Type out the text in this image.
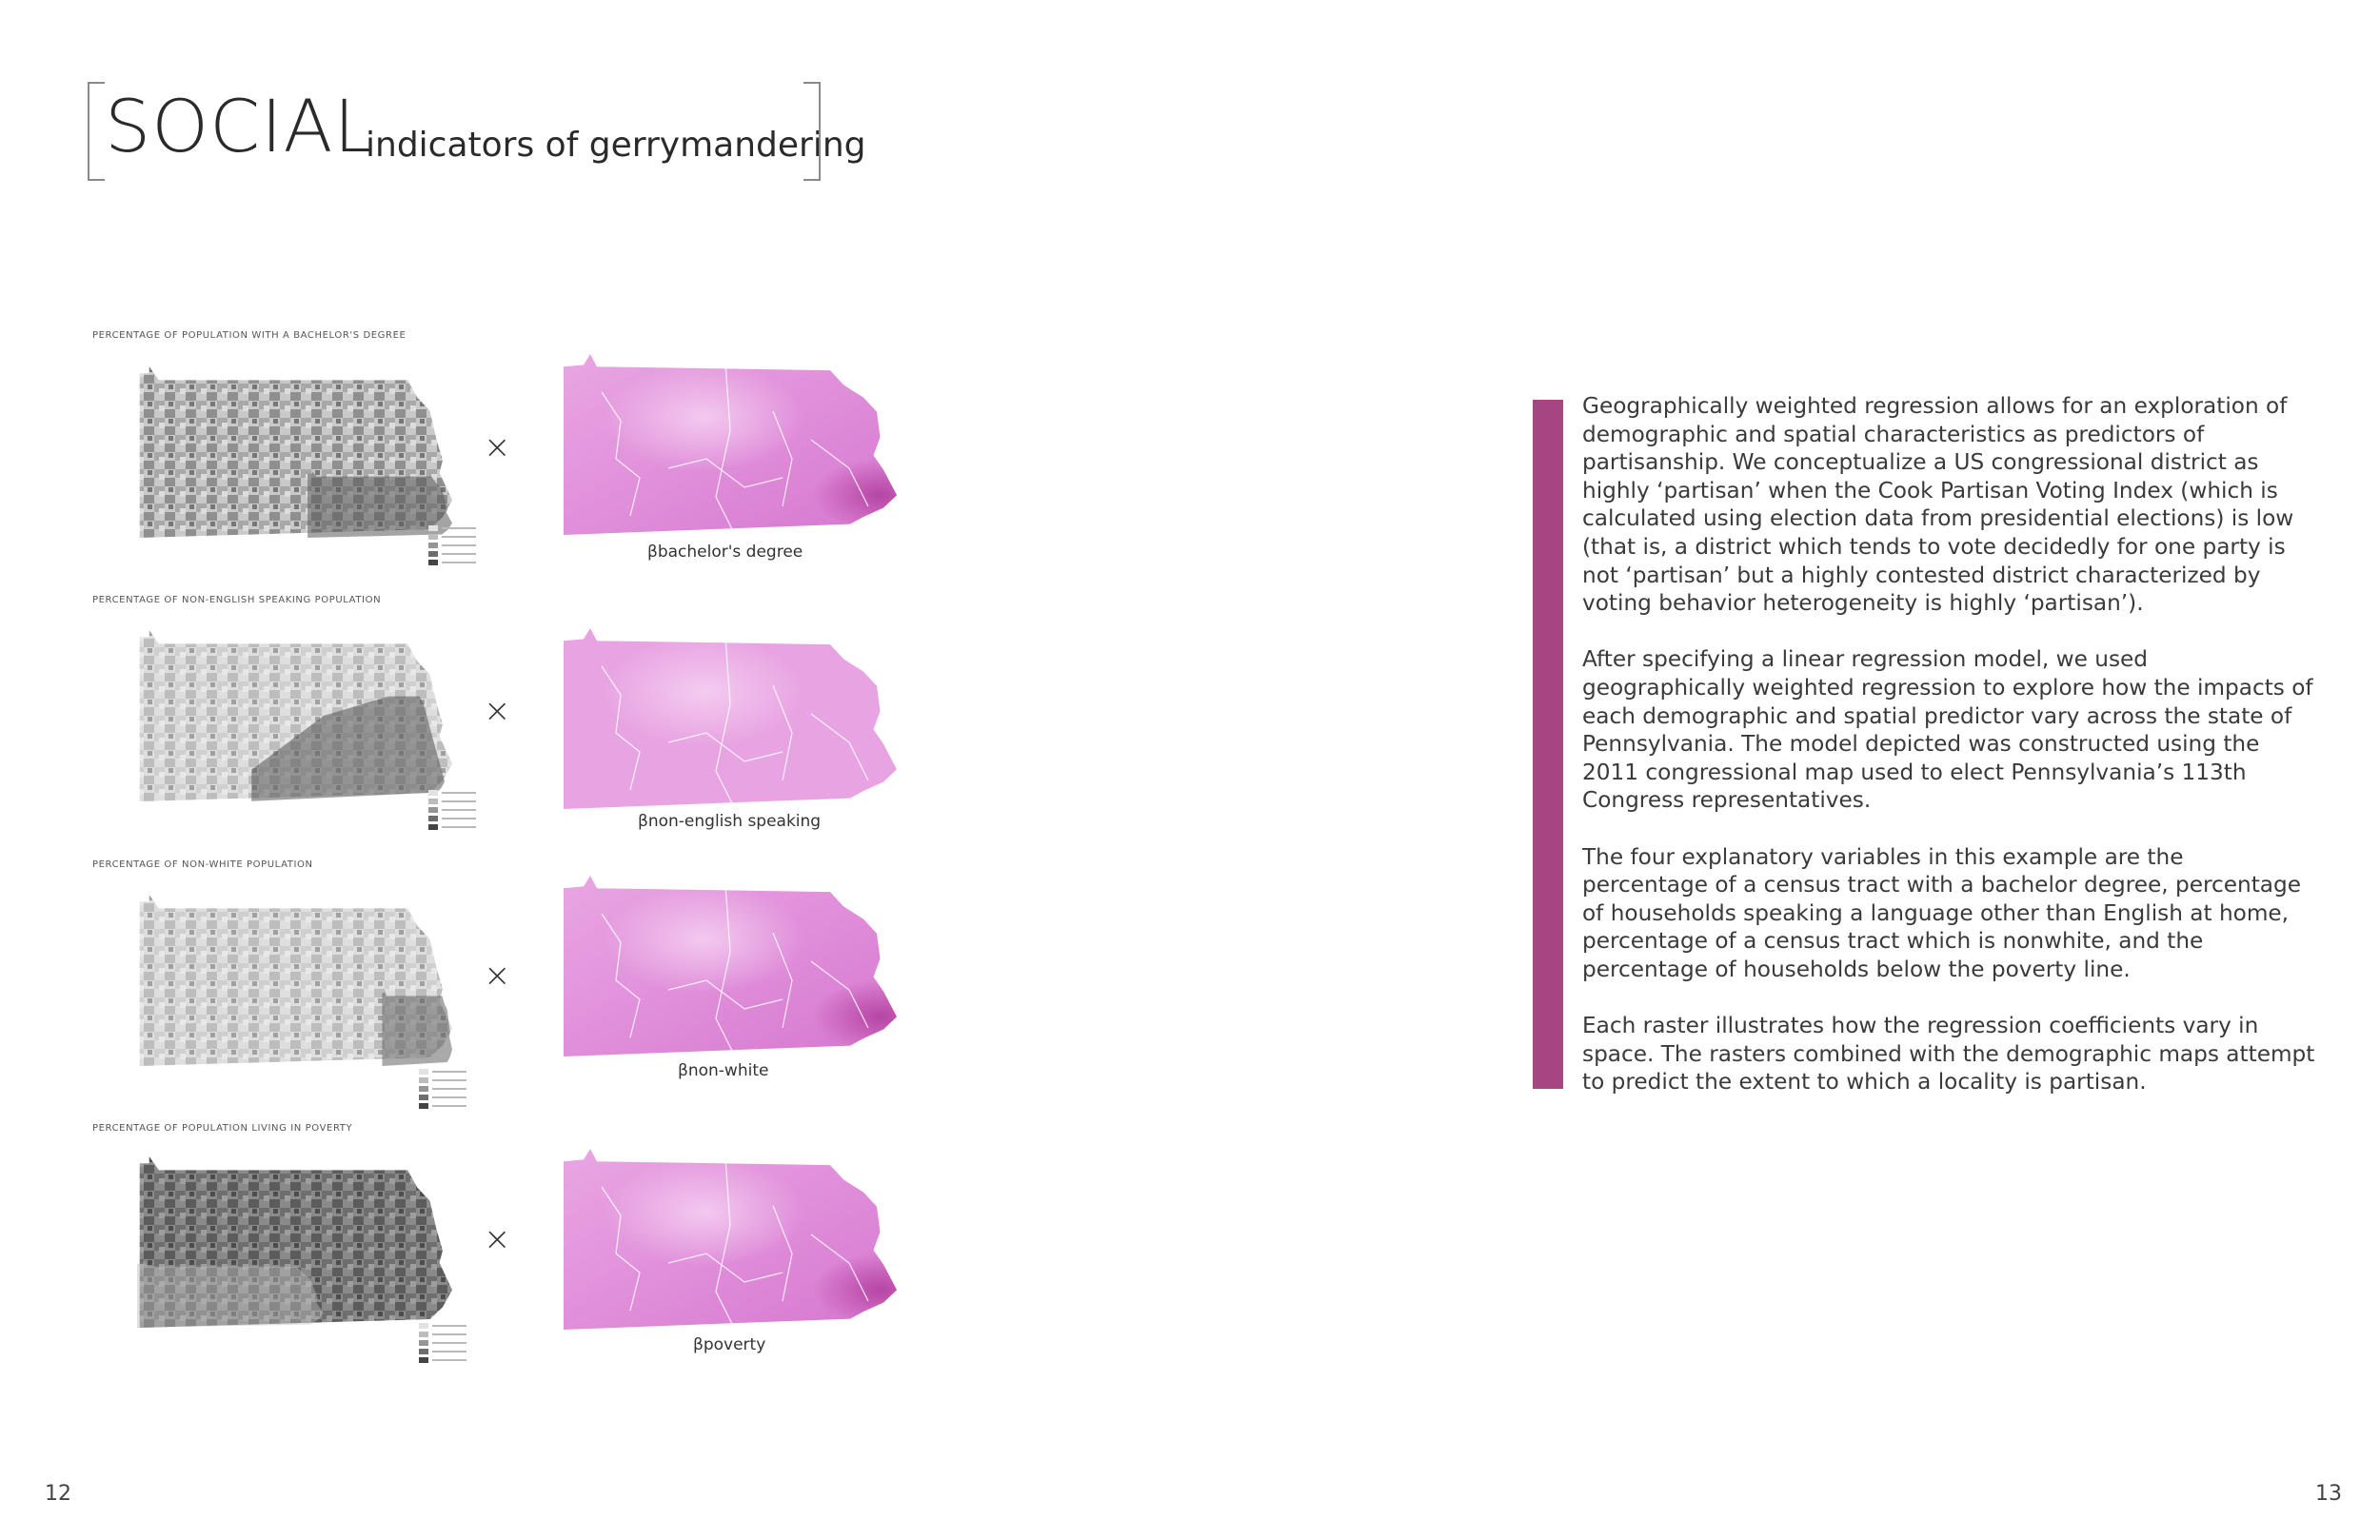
SOCIAL
indicators of gerrymandering
PERCENTAGE OF POPULATION WITH A BACHELOR'S DEGREE
×
βbachelor's degree
PERCENTAGE OF NON-ENGLISH SPEAKING POPULATION
×
βnon-english speaking
PERCENTAGE OF NON-WHITE POPULATION
×
βnon-white
PERCENTAGE OF POPULATION LIVING IN POVERTY
×
βpoverty

Geographically weighted regression allows for an exploration of demographic and spatial characteristics as predictors of partisanship. We conceptualize a US congressional district as highly ‘partisan’ when the Cook Partisan Voting Index (which is calculated using election data from presidential elections) is low (that is, a district which tends to vote decidedly for one party is not ‘partisan’ but a highly contested district characterized by voting behavior heterogeneity is highly ‘partisan’).

After specifying a linear regression model, we used geographically weighted regression to explore how the impacts of each demographic and spatial predictor vary across the state of Pennsylvania. The model depicted was constructed using the 2011 congressional map used to elect Pennsylvania’s 113th Congress representatives.

The four explanatory variables in this example are the percentage of a census tract with a bachelor degree, percentage of households speaking a language other than English at home, percentage of a census tract which is nonwhite, and the percentage of households below the poverty line.

Each raster illustrates how the regression coefficients vary in space. The rasters combined with the demographic maps attempt to predict the extent to which a locality is partisan.

12	13
